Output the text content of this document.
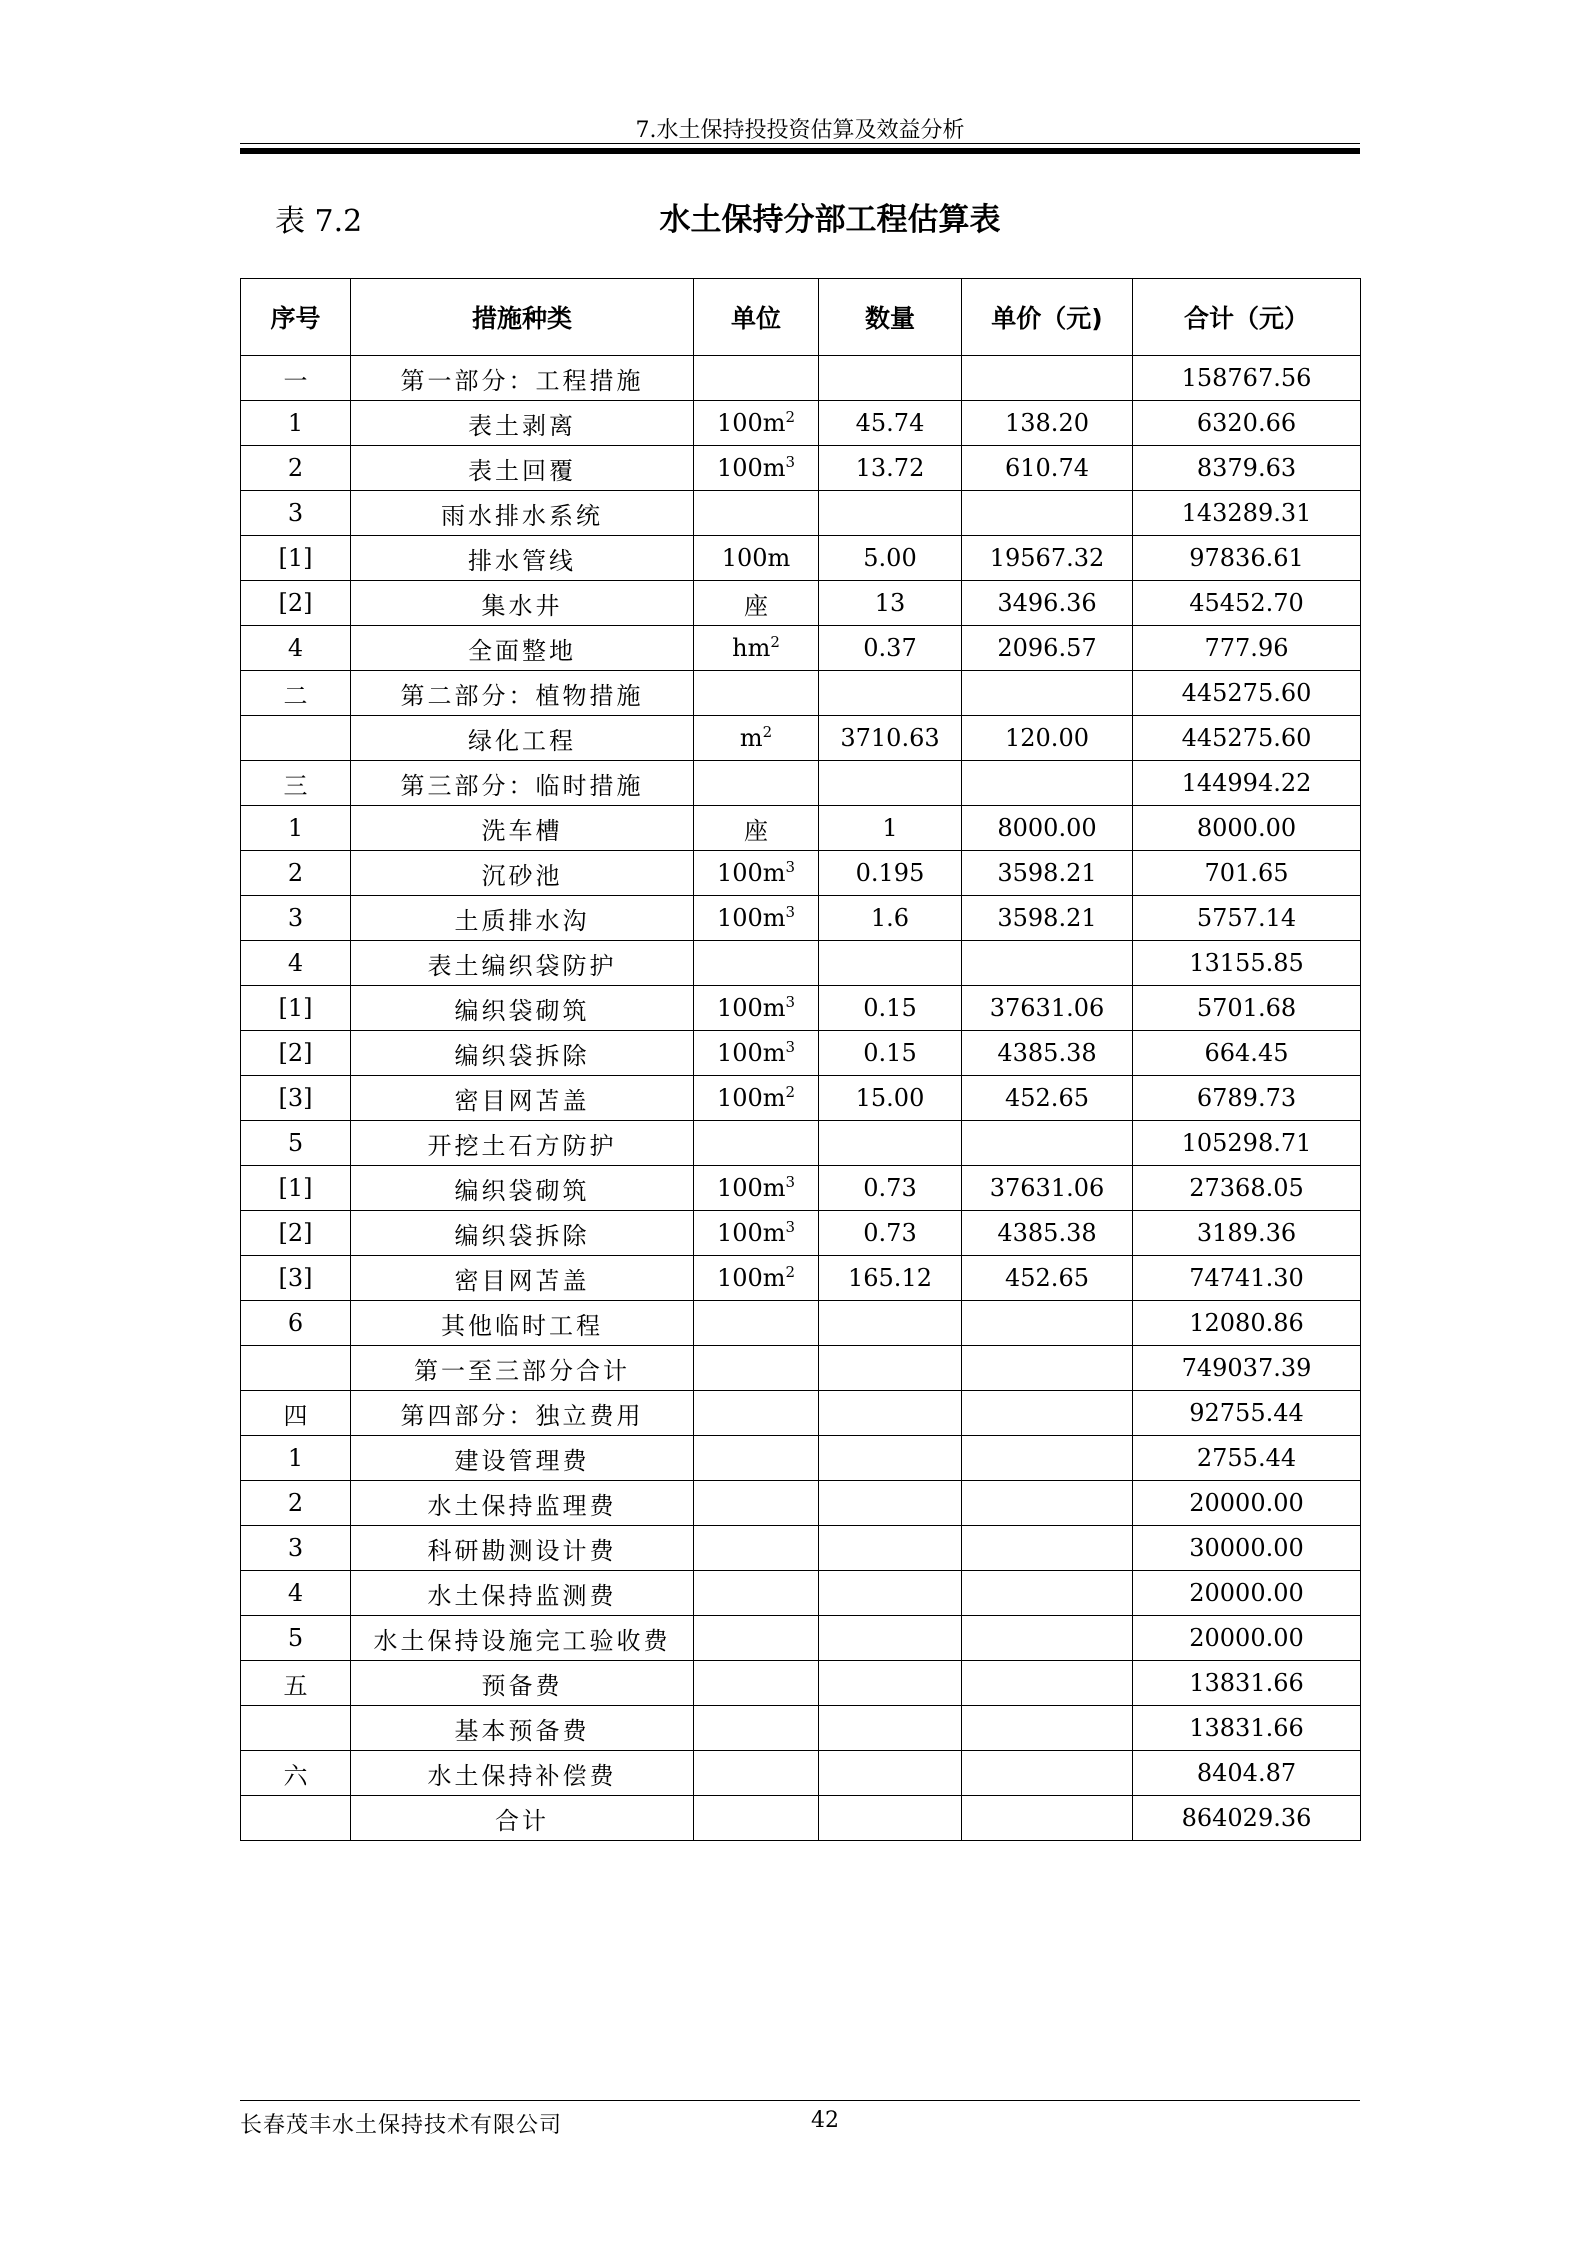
7.水土保持投投资估算及效益分析
表 7.2	水土保持分部工程估算表
序号	措施种类	单位	数量	单价（元)	合计（元）
一	第一部分：工程措施				158767.56
1	表土剥离	$100m^2$	45.74	138.20	6320.66
2	表土回覆	$100m^3$	13.72	610.74	8379.63
3	雨水排水系统				143289.31
[1]	排水管线	100m	5.00	19567.32	97836.61
[2]	集水井	座	13	3496.36	45452.70
4	全面整地	$hm^2$	0.37	2096.57	777.96
二	第二部分：植物措施				445275.60
	绿化工程	$m^2$	3710.63	120.00	445275.60
三	第三部分：临时措施				144994.22
1	洗车槽	座	1	8000.00	8000.00
2	沉砂池	$100m^3$	0.195	3598.21	701.65
3	土质排水沟	$100m^3$	1.6	3598.21	5757.14
4	表土编织袋防护				13155.85
[1]	编织袋砌筑	$100m^3$	0.15	37631.06	5701.68
[2]	编织袋拆除	$100m^3$	0.15	4385.38	664.45
[3]	密目网苫盖	$100m^2$	15.00	452.65	6789.73
5	开挖土石方防护				105298.71
[1]	编织袋砌筑	$100m^3$	0.73	37631.06	27368.05
[2]	编织袋拆除	$100m^3$	0.73	4385.38	3189.36
[3]	密目网苫盖	$100m^2$	165.12	452.65	74741.30
6	其他临时工程				12080.86
	第一至三部分合计				749037.39
四	第四部分：独立费用				92755.44
1	建设管理费				2755.44
2	水土保持监理费				20000.00
3	科研勘测设计费				30000.00
4	水土保持监测费				20000.00
5	水土保持设施完工验收费				20000.00
五	预备费				13831.66
	基本预备费				13831.66
六	水土保持补偿费				8404.87
	合计				864029.36
长春茂丰水土保持技术有限公司	42
